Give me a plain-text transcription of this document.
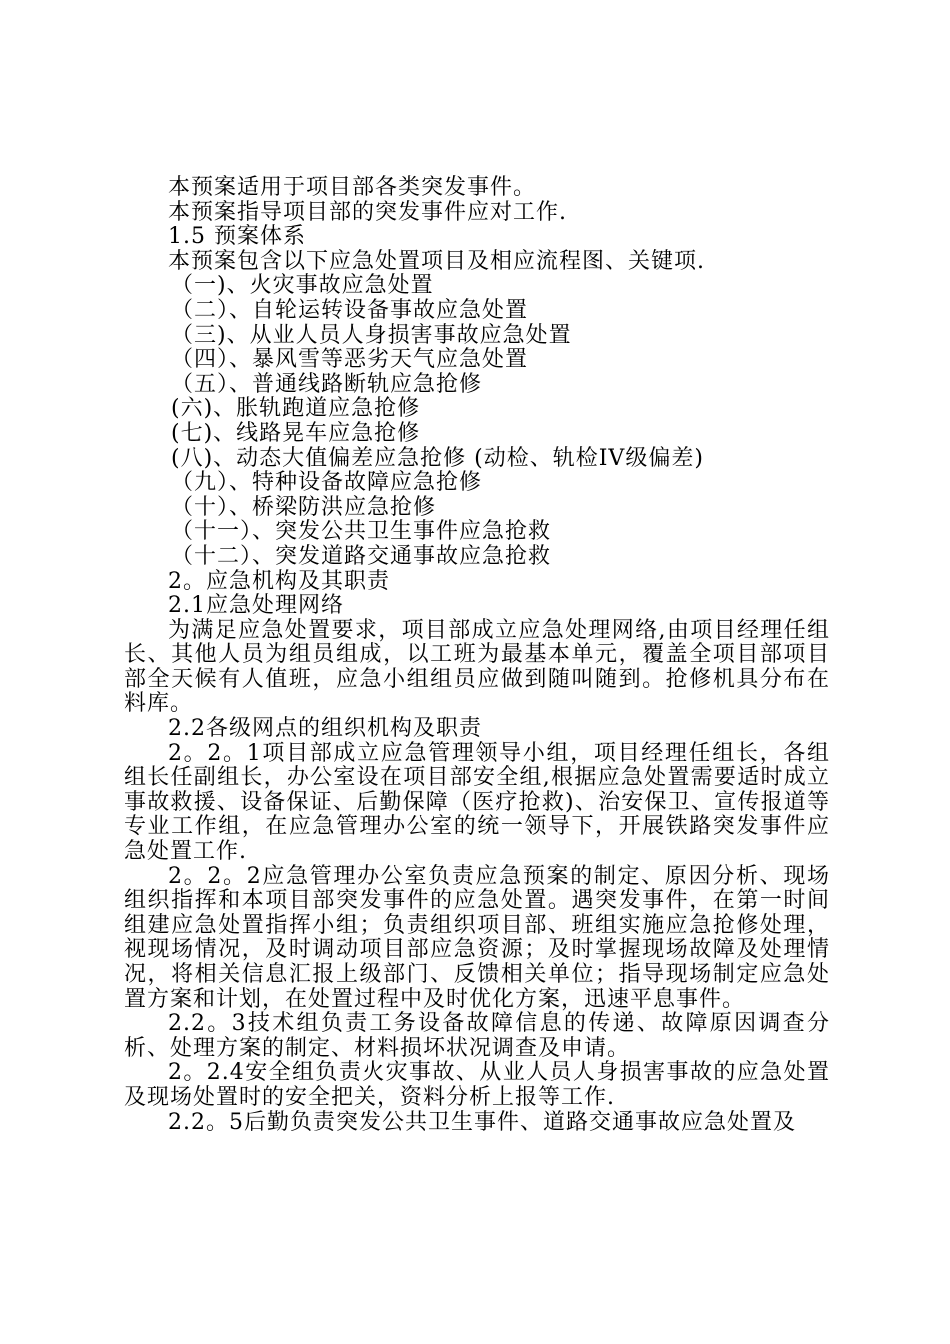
本预案适用于项目部各类突发事件。

本预案指导项目部的突发事件应对工作.

1.5 预案体系

本预案包含以下应急处置项目及相应流程图、关键项.

（一)、火灾事故应急处置

（二）、自轮运转设备事故应急处置

（三)、从业人员人身损害事故应急处置

（四）、暴风雪等恶劣天气应急处置

（五）、普通线路断轨应急抢修

(六)、胀轨跑道应急抢修

(七)、线路晃车应急抢修

(八)、动态大值偏差应急抢修 (动检、轨检IV级偏差)

（九）、特种设备故障应急抢修

（十）、桥梁防洪应急抢修

（十一）、突发公共卫生事件应急抢救

（十二）、突发道路交通事故应急抢救

2。应急机构及其职责

2.1应急处理网络

为满足应急处置要求，项目部成立应急处理网络,由项目经理任组长、其他人员为组员组成，以工班为最基本单元，覆盖全项目部项目部全天候有人值班，应急小组组员应做到随叫随到。抢修机具分布在料库。

2.2各级网点的组织机构及职责

2。2。1项目部成立应急管理领导小组，项目经理任组长，各组组长任副组长，办公室设在项目部安全组,根据应急处置需要适时成立事故救援、设备保证、后勤保障（医疗抢救)、治安保卫、宣传报道等专业工作组，在应急管理办公室的统一领导下，开展铁路突发事件应急处置工作.

2。2。2应急管理办公室负责应急预案的制定、原因分析、现场组织指挥和本项目部突发事件的应急处置。遇突发事件，在第一时间组建应急处置指挥小组；负责组织项目部、班组实施应急抢修处理，视现场情况，及时调动项目部应急资源；及时掌握现场故障及处理情况，将相关信息汇报上级部门、反馈相关单位；指导现场制定应急处置方案和计划，在处置过程中及时优化方案，迅速平息事件。

2.2。3技术组负责工务设备故障信息的传递、故障原因调查分析、处理方案的制定、材料损坏状况调查及申请。

2。2.4安全组负责火灾事故、从业人员人身损害事故的应急处置及现场处置时的安全把关，资料分析上报等工作.

2.2。5后勤负责突发公共卫生事件、道路交通事故应急处置及
